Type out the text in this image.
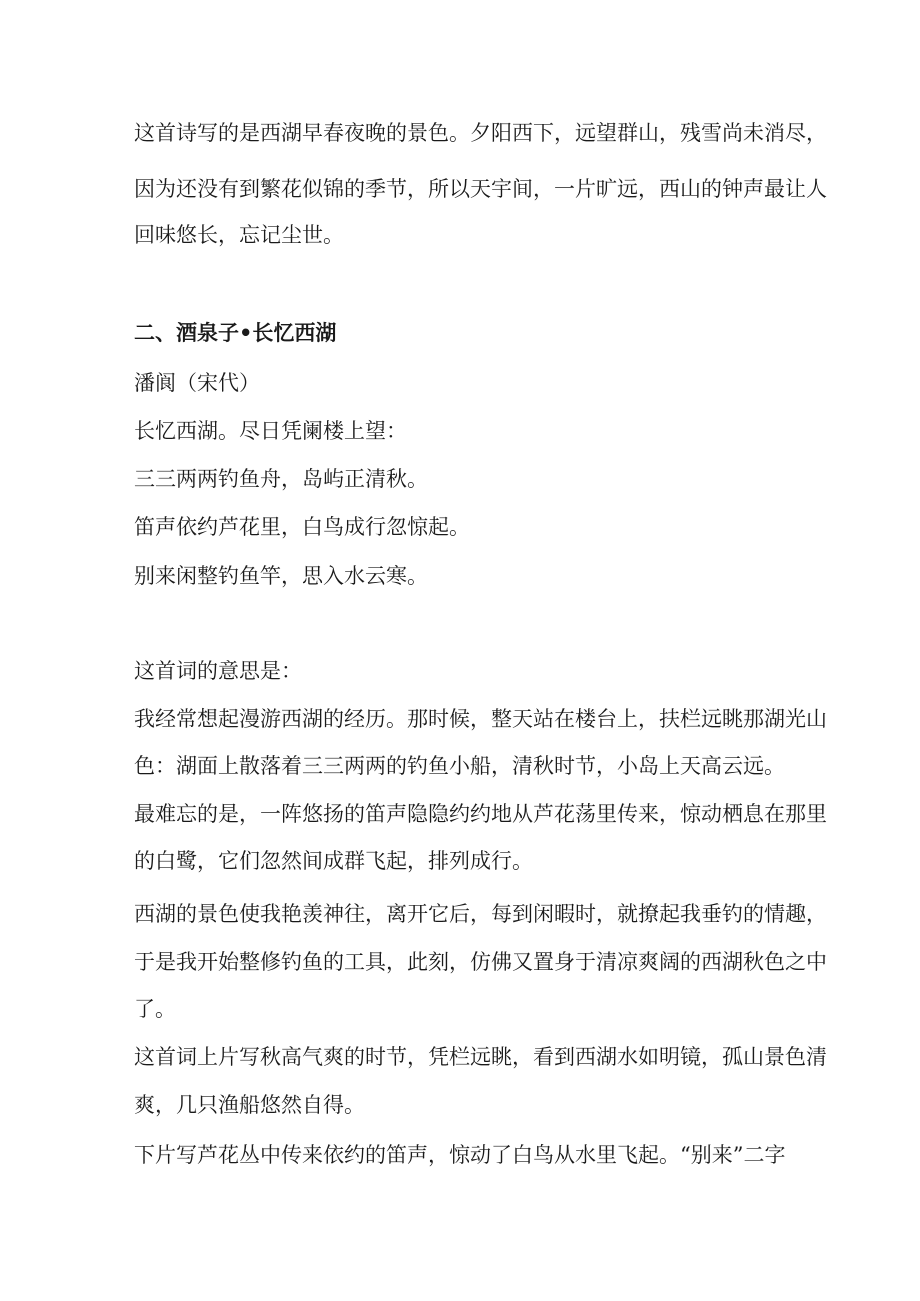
这首诗写的是西湖早春夜晚的景色。夕阳西下，远望群山，残雪尚未消尽，
因为还没有到繁花似锦的季节，所以天宇间，一片旷远，西山的钟声最让人
回味悠长，忘记尘世。
二、酒泉子•长忆西湖
潘阆（宋代）
长忆西湖。尽日凭阑楼上望：
三三两两钓鱼舟，岛屿正清秋。
笛声依约芦花里，白鸟成行忽惊起。
别来闲整钓鱼竿，思入水云寒。
这首词的意思是：
我经常想起漫游西湖的经历。那时候，整天站在楼台上，扶栏远眺那湖光山
色：湖面上散落着三三两两的钓鱼小船，清秋时节，小岛上天高云远。
最难忘的是，一阵悠扬的笛声隐隐约约地从芦花荡里传来，惊动栖息在那里
的白鹭，它们忽然间成群飞起，排列成行。
西湖的景色使我艳羡神往，离开它后，每到闲暇时，就撩起我垂钓的情趣，
于是我开始整修钓鱼的工具，此刻，仿佛又置身于清凉爽阔的西湖秋色之中
了。
这首词上片写秋高气爽的时节，凭栏远眺，看到西湖水如明镜，孤山景色清
爽，几只渔船悠然自得。
下片写芦花丛中传来依约的笛声，惊动了白鸟从水里飞起。“别来”二字
